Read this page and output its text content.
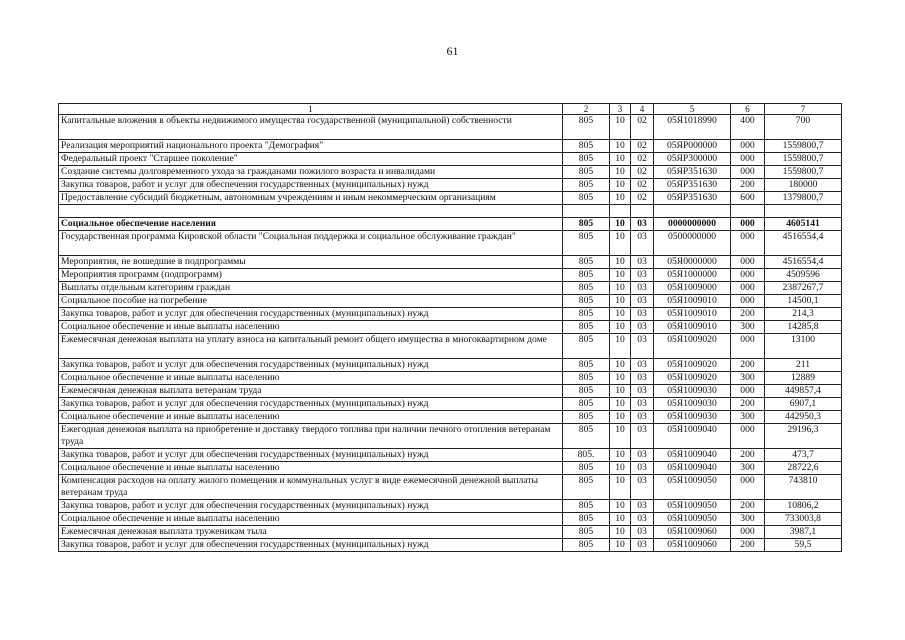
61
1	2	3	4	5	6	7
Капитальные вложения в объекты недвижимого имущества государственной (муниципальной) собственности	805	10	02	05Я1018990	400	700
Реализация мероприятий национального проекта "Демография"	805	10	02	05ЯР000000	000	1559800,7
Федеральный проект "Старшее поколение"	805	10	02	05ЯР300000	000	1559800,7
Создание системы долговременного ухода за гражданами пожилого возраста и инвалидами	805	10	02	05ЯР351630	000	1559800,7
Закупка товаров, работ и услуг для обеспечения государственных (муниципальных) нужд	805	10	02	05ЯР351630	200	180000
Предоставление субсидий бюджетным, автономным учреждениям и иным некоммерческим организациям	805	10	02	05ЯР351630	600	1379800,7

Социальное обеспечение населения	805	10	03	0000000000	000	4605141
Государственная программа Кировской области "Социальная поддержка и социальное обслуживание граждан"	805	10	03	0500000000	000	4516554,4
Мероприятия, не вошедшие в подпрограммы	805	10	03	05Я0000000	000	4516554,4
Мероприятия программ (подпрограмм)	805	10	03	05Я1000000	000	4509596
Выплаты отдельным категориям граждан	805	10	03	05Я1009000	000	2387267,7
Социальное пособие на погребение	805	10	03	05Я1009010	000	14500,1
Закупка товаров, работ и услуг для обеспечения государственных (муниципальных) нужд	805	10	03	05Я1009010	200	214,3
Социальное обеспечение и иные выплаты населению	805	10	03	05Я1009010	300	14285,8
Ежемесячная денежная выплата на уплату взноса на капитальный ремонт общего имущества в многоквартирном доме	805	10	03	05Я1009020	000	13100
Закупка товаров, работ и услуг для обеспечения государственных (муниципальных) нужд	805	10	03	05Я1009020	200	211
Социальное обеспечение и иные выплаты населению	805	10	03	05Я1009020	300	12889
Ежемесячная денежная выплата ветеранам труда	805	10	03	05Я1009030	000	449857,4
Закупка товаров, работ и услуг для обеспечения государственных (муниципальных) нужд	805	10	03	05Я1009030	200	6907,1
Социальное обеспечение и иные выплаты населению	805	10	03	05Я1009030	300	442950,3
Ежегодная денежная выплата на приобретение и доставку твердого топлива при наличии печного отопления ветеранам труда	805	10	03	05Я1009040	000	29196,3
Закупка товаров, работ и услуг для обеспечения государственных (муниципальных) нужд	805.	10	03	05Я1009040	200	473,7
Социальное обеспечение и иные выплаты населению	805	10	03	05Я1009040	300	28722,6
Компенсация расходов на оплату жилого помещения и коммунальных услуг в виде ежемесячной денежной выплаты ветеранам труда	805	10	03	05Я1009050	000	743810
Закупка товаров, работ и услуг для обеспечения государственных (муниципальных) нужд	805	10	03	05Я1009050	200	10806,2
Социальное обеспечение и иные выплаты населению	805	10	03	05Я1009050	300	733003,8
Ежемесячная денежная выплата труженикам тыла	805	10	03	05Я1009060	000	3987,1
Закупка товаров, работ и услуг для обеспечения государственных (муниципальных) нужд	805	10	03	05Я1009060	200	59,5
